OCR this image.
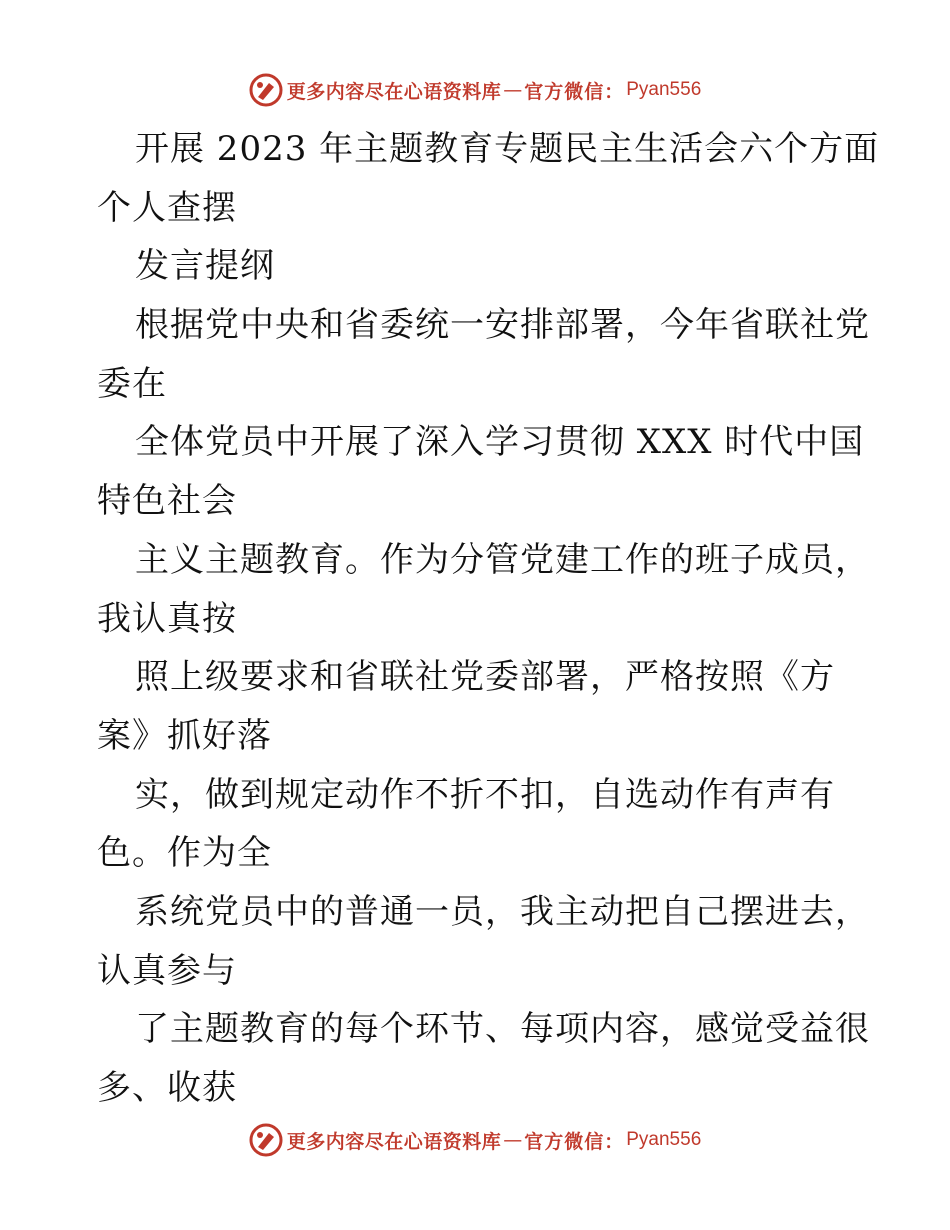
更多内容尽在心语资料库 — 官方微信： Pyan556
开展 2023 年主题教育专题民主生活会六个方面
个人查摆
发言提纲
根据党中央和省委统一安排部署，今年省联社党
委在
全体党员中开展了深入学习贯彻 XXX 时代中国
特色社会
主义主题教育。作为分管党建工作的班子成员，
我认真按
照上级要求和省联社党委部署，严格按照《方
案》抓好落
实，做到规定动作不折不扣，自选动作有声有
色。作为全
系统党员中的普通一员，我主动把自己摆进去，
认真参与
了主题教育的每个环节、每项内容，感觉受益很
多、收获
更多内容尽在心语资料库 — 官方微信： Pyan556
